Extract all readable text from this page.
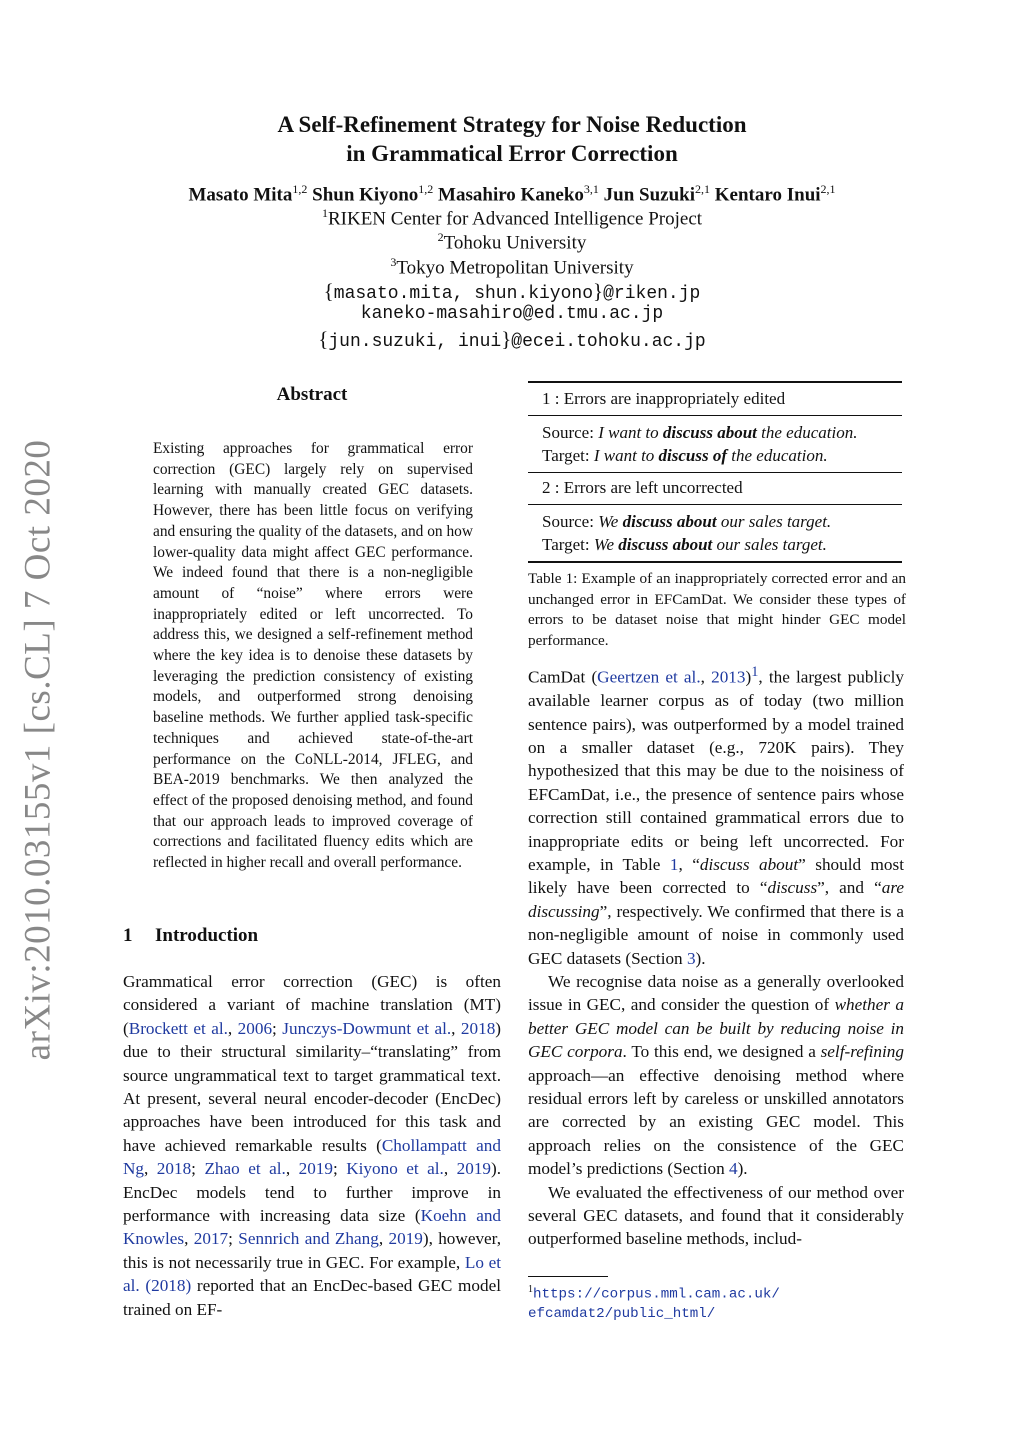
arXiv:2010.03155v1 [cs.CL] 7 Oct 2020
A Self-Refinement Strategy for Noise Reduction
in Grammatical Error Correction
Masato Mita$^{1,2}$ Shun Kiyono$^{1,2}$ Masahiro Kaneko$^{3,1}$ Jun Suzuki$^{2,1}$ Kentaro Inui$^{2,1}$
$^1$RIKEN Center for Advanced Intelligence Project
$^2$Tohoku University
$^3$Tokyo Metropolitan University
{masato.mita, shun.kiyono}@riken.jp
kaneko-masahiro@ed.tmu.ac.jp
{jun.suzuki, inui}@ecei.tohoku.ac.jp
Abstract
Existing approaches for grammatical error correction (GEC) largely rely on supervised learning with manually created GEC datasets. However, there has been little focus on verifying and ensuring the quality of the datasets, and on how lower-quality data might affect GEC performance. We indeed found that there is a non-negligible amount of “noise” where errors were inappropriately edited or left uncorrected. To address this, we designed a self-refinement method where the key idea is to denoise these datasets by leveraging the prediction consistency of existing models, and outperformed strong denoising baseline methods. We further applied task-specific techniques and achieved state-of-the-art performance on the CoNLL-2014, JFLEG, and BEA-2019 benchmarks. We then analyzed the effect of the proposed denoising method, and found that our approach leads to improved coverage of corrections and facilitated fluency edits which are reflected in higher recall and overall performance.
1 Introduction
Grammatical error correction (GEC) is often considered a variant of machine translation (MT) (Brockett et al., 2006; Junczys-Dowmunt et al., 2018) due to their structural similarity–“translating” from source ungrammatical text to target grammatical text. At present, several neural encoder-decoder (EncDec) approaches have been introduced for this task and have achieved remarkable results (Chollampatt and Ng, 2018; Zhao et al., 2019; Kiyono et al., 2019). EncDec models tend to further improve in performance with increasing data size (Koehn and Knowles, 2017; Sennrich and Zhang, 2019), however, this is not necessarily true in GEC. For example, Lo et al. (2018) reported that an EncDec-based GEC model trained on EF-
1 : Errors are inappropriately edited
Source: I want to discuss about the education.
Target: I want to discuss of the education.
2 : Errors are left uncorrected
Source: We discuss about our sales target.
Target: We discuss about our sales target.
Table 1: Example of an inappropriately corrected error and an unchanged error in EFCamDat. We consider these types of errors to be dataset noise that might hinder GEC model performance.

CamDat (Geertzen et al., 2013)$^1$, the largest publicly available learner corpus as of today (two million sentence pairs), was outperformed by a model trained on a smaller dataset (e.g., 720K pairs). They hypothesized that this may be due to the noisiness of EFCamDat, i.e., the presence of sentence pairs whose correction still contained grammatical errors due to inappropriate edits or being left uncorrected. For example, in Table 1, “discuss about” should most likely have been corrected to “discuss”, and “are discussing”, respectively. We confirmed that there is a non-negligible amount of noise in commonly used GEC datasets (Section 3).

We recognise data noise as a generally overlooked issue in GEC, and consider the question of whether a better GEC model can be built by reducing noise in GEC corpora. To this end, we designed a self-refining approach—an effective denoising method where residual errors left by careless or unskilled annotators are corrected by an existing GEC model. This approach relies on the consistence of the GEC model’s predictions (Section 4).

We evaluated the effectiveness of our method over several GEC datasets, and found that it considerably outperformed baseline methods, includ-

$^1$https://corpus.mml.cam.ac.uk/
efcamdat2/public_html/
